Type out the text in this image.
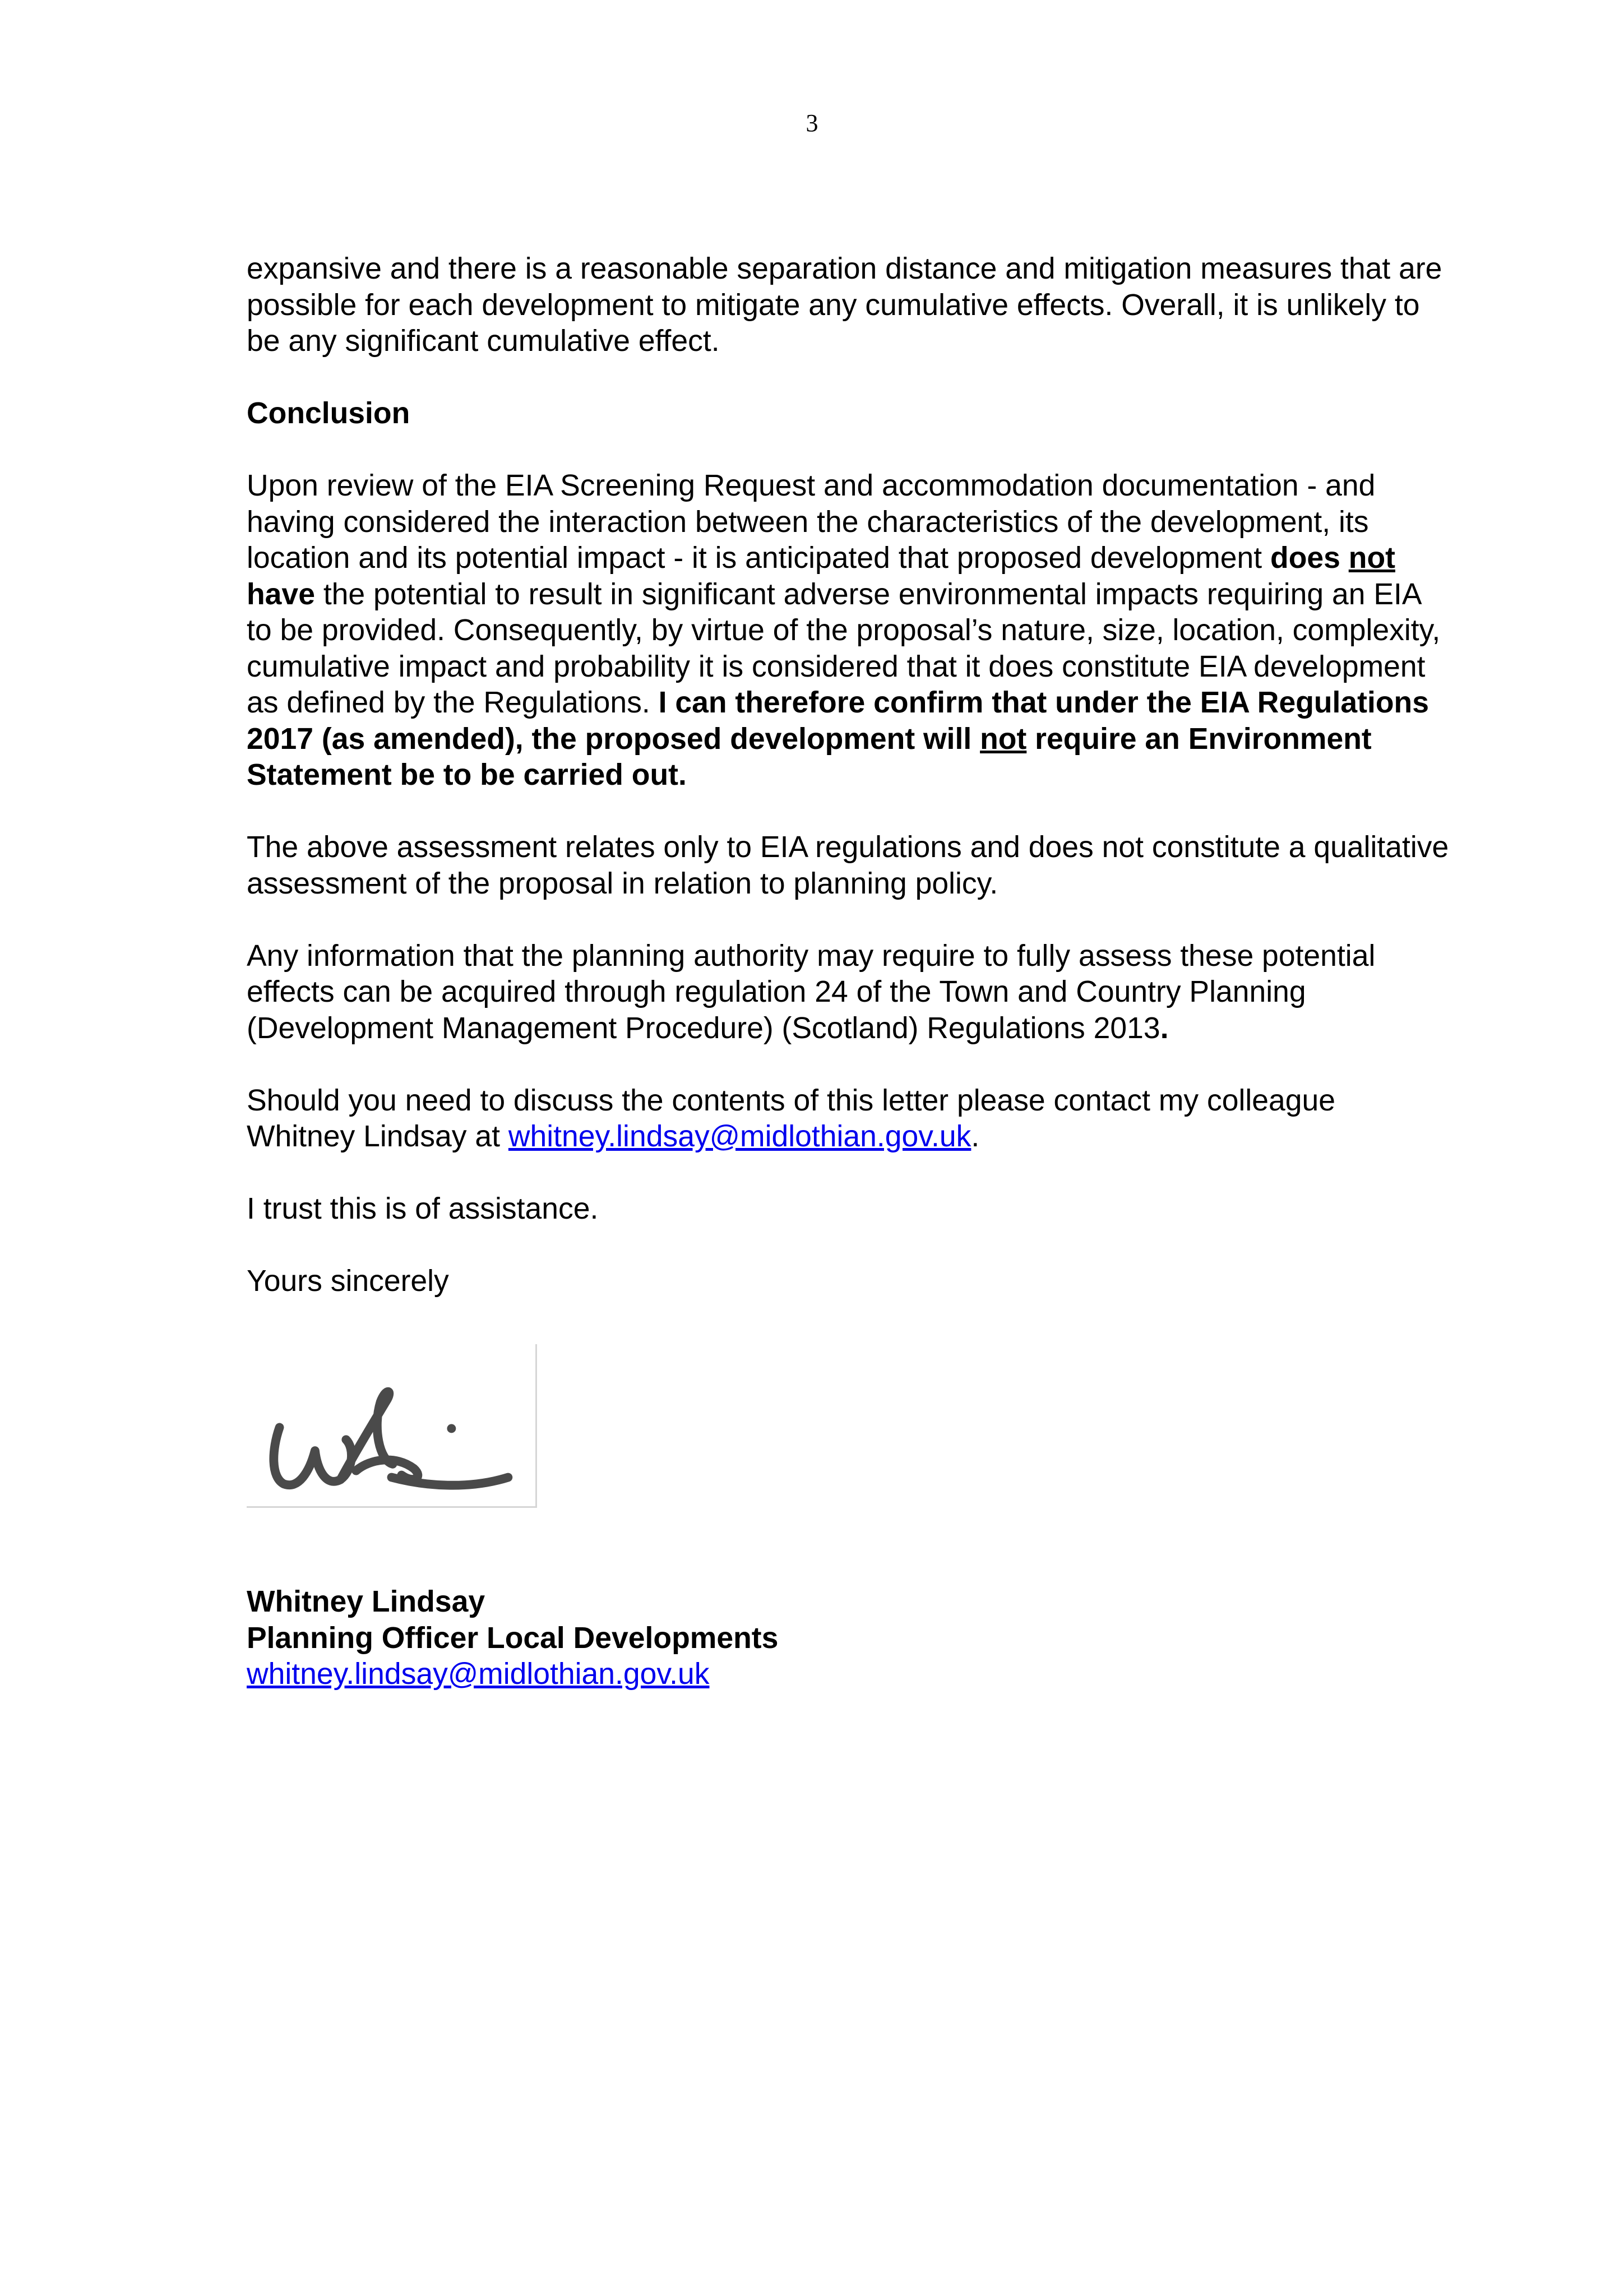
3

expansive and there is a reasonable separation distance and mitigation measures that are possible for each development to mitigate any cumulative effects. Overall, it is unlikely to be any significant cumulative effect.

Conclusion

Upon review of the EIA Screening Request and accommodation documentation - and having considered the interaction between the characteristics of the development, its location and its potential impact - it is anticipated that proposed development does not have the potential to result in significant adverse environmental impacts requiring an EIA to be provided. Consequently, by virtue of the proposal’s nature, size, location, complexity, cumulative impact and probability it is considered that it does constitute EIA development as defined by the Regulations. I can therefore confirm that under the EIA Regulations 2017 (as amended), the proposed development will not require an Environment Statement be to be carried out.

The above assessment relates only to EIA regulations and does not constitute a qualitative assessment of the proposal in relation to planning policy.

Any information that the planning authority may require to fully assess these potential effects can be acquired through regulation 24 of the Town and Country Planning (Development Management Procedure) (Scotland) Regulations 2013.

Should you need to discuss the contents of this letter please contact my colleague Whitney Lindsay at whitney.lindsay@midlothian.gov.uk.

I trust this is of assistance.

Yours sincerely

Whitney Lindsay
Planning Officer Local Developments
whitney.lindsay@midlothian.gov.uk
